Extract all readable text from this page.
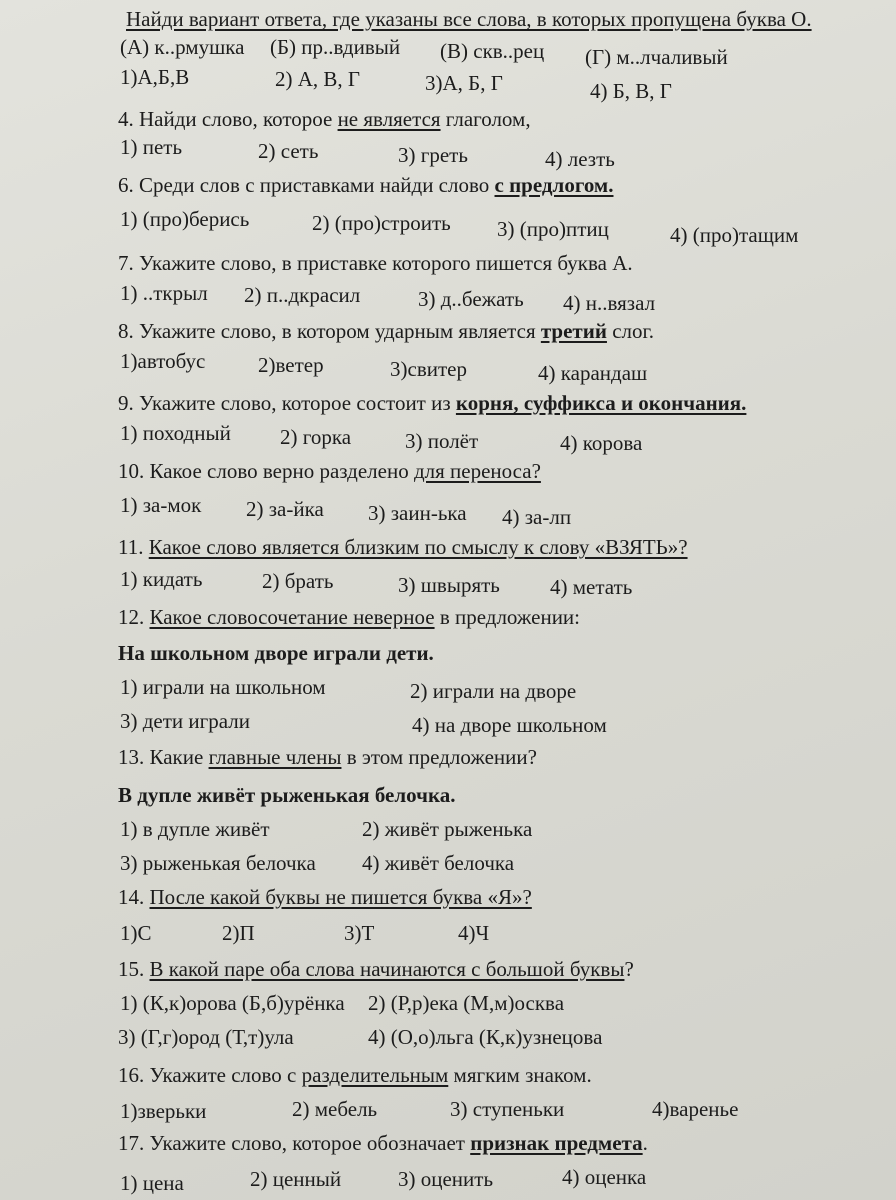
Найди вариант ответа, где указаны все слова, в которых пропущена буква О.
(А) к..рмушка (Б) пр..вдивый (В) скв..рец (Г) м..лчаливый
1)А,Б,В	2) А, В, Г	3)А, Б, Г	4) Б, В, Г
4. Найди слово, которое не является глаголом,
1) петь	2) сеть	3) греть	4) лезть
6. Среди слов с приставками найди слово с предлогом.
1) (про)берись	2) (про)строить 3) (про)птиц	4) (про)тащим
7. Укажите слово, в приставке которого пишется буква А.
1) ..ткрыл 2) п..дкрасил	3) д..бежать 4) н..вязал
8. Укажите слово, в котором ударным является третий слог.
1)автобус	2)ветер	3)свитер	4) карандаш
9. Укажите слово, которое состоит из корня, суффикса и окончания.
1) походный 2) горка	3) полёт	4) корова
10. Какое слово верно разделено для переноса?
1) за-мок 2) за-йка 3) заин-ька 4) за-лп
11. Какое слово является близким по смыслу к слову «ВЗЯТЬ»?
1) кидать	2) брать	3) швырять 4) метать
12. Какое словосочетание неверное в предложении:
На школьном дворе играли дети.
1) играли на школьном	2) играли на дворе
3) дети играли	4) на дворе школьном
13. Какие главные члены в этом предложении?
В дупле живёт рыженькая белочка.
1) в дупле живёт	2) живёт рыженька
3) рыженькая белочка 4) живёт белочка
14. После какой буквы не пишется буква «Я»?
1)С	2)П	3)Т	4)Ч
15. В какой паре оба слова начинаются с большой буквы?
1) (К,к)орова (Б,б)урёнка 2) (Р,р)ека (М,м)осква
3) (Г,г)ород (Т,т)ула	4) (О,о)льга (К,к)узнецова
16. Укажите слово с разделительным мягким знаком.
1)зверьки	2) мебель	3) ступеньки	4)варенье
17. Укажите слово, которое обозначает признак предмета.
1) цена	2) ценный	3) оценить	4) оценка
